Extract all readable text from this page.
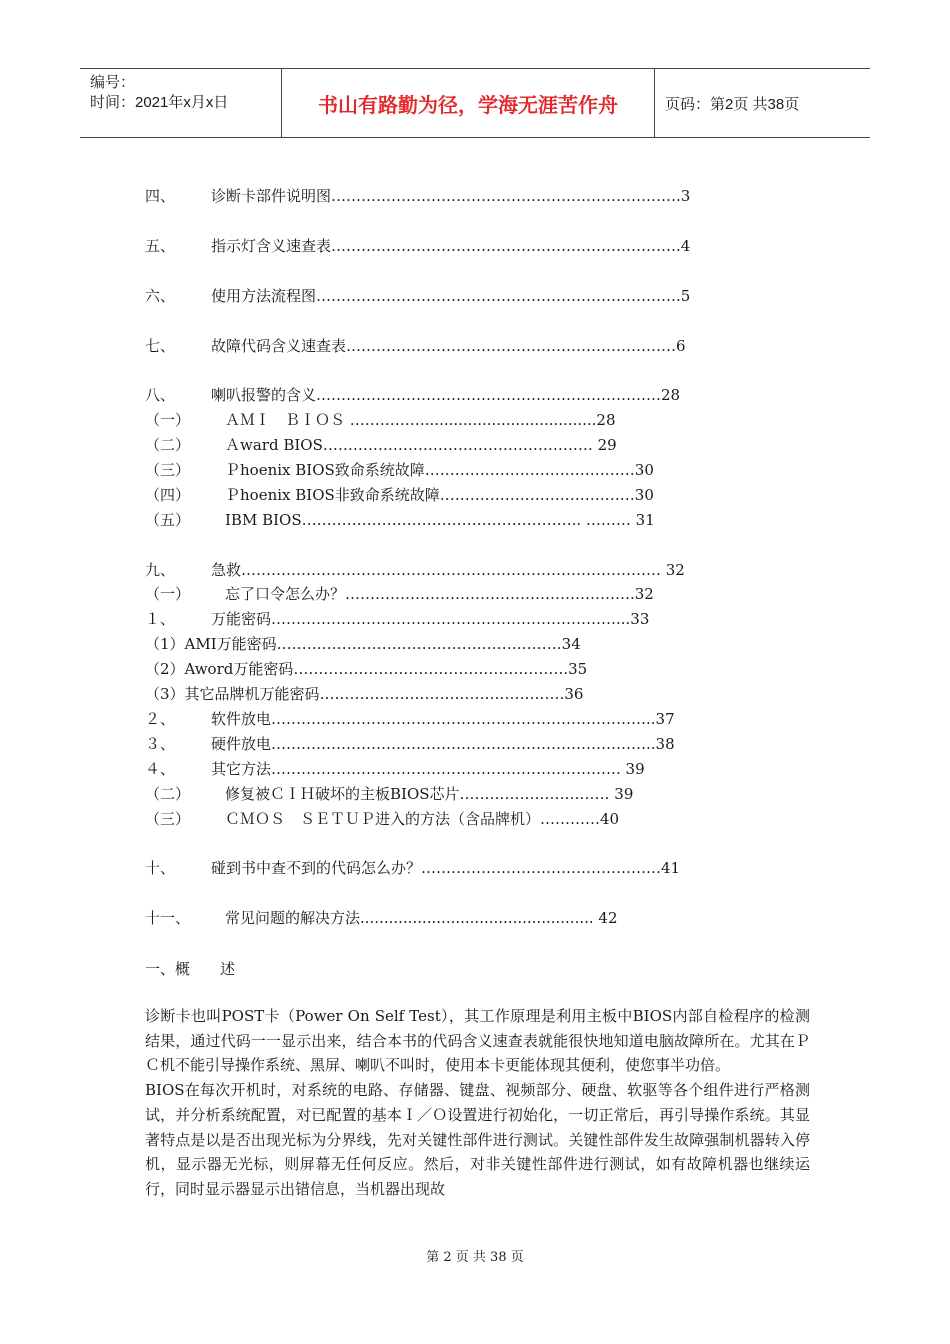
编号：
时间：2021年x月x日	书山有路勤为径，学海无涯苦作舟	页码：第2页 共38页
四、 诊断卡部件说明图…………………………………………………………….3
五、 指示灯含义速查表…………………………………………………………….4
六、 使用方法流程图……………………………………………………………….5
七、 故障代码含义速查表…………………………………………………………6
八、 喇叭报警的含义……………………………………………………………28
（一） ＡＭＩ　ＢＩＯＳ ……………....................................28
（二） Ａward BIOS……………………………………………… 29
（三） Ｐhoenix BIOS致命系统故障……………………………………30
（四） Ｐhoenix BIOS非致命系统故障…………………………………30
（五） IBM BIOS……………………………………………….. ……… 31
九、 急救………………………………………………………………………… 32
（一） 忘了口令怎么办？………………………………………………….32
１、 万能密码……………………………………………………………...33
（1）AMI万能密码…………………………………………………34
（2）Aword万能密码……………………………………………….35
（3）其它品牌机万能密码………………………………………….36
２、 软件放电…………………………………………………………………..37
３、 硬件放电…………………………………………………………………..38
４、 其它方法……………………………………………………………. 39
（二） 修复被ＣＩＨ破坏的主板BIOS芯片………………………… 39
（三） ＣＭＯＳ　ＳＥＴＵＰ进入的方法（含品牌机）…………40
十、 碰到书中查不到的代码怎么办？…………………………………………41
十一、 常见问题的解决方法................................................. 42
一、概　　述

诊断卡也叫POST卡（Power On Self Test），其工作原理是利用主板中BIOS内部自检程序的检测结果，通过代码一一显示出来，结合本书的代码含义速查表就能很快地知道电脑故障所在。尤其在ＰＣ机不能引导操作系统、黑屏、喇叭不叫时，使用本卡更能体现其便利，使您事半功倍。

BIOS在每次开机时，对系统的电路、存储器、键盘、视频部分、硬盘、软驱等各个组件进行严格测试，并分析系统配置，对已配置的基本Ｉ／Ｏ设置进行初始化，一切正常后，再引导操作系统。其显著特点是以是否出现光标为分界线，先对关键性部件进行测试。关键性部件发生故障强制机器转入停机，显示器无光标，则屏幕无任何反应。然后，对非关键性部件进行测试，如有故障机器也继续运行，同时显示器显示出错信息，当机器出现故

第 2 页 共 38 页
